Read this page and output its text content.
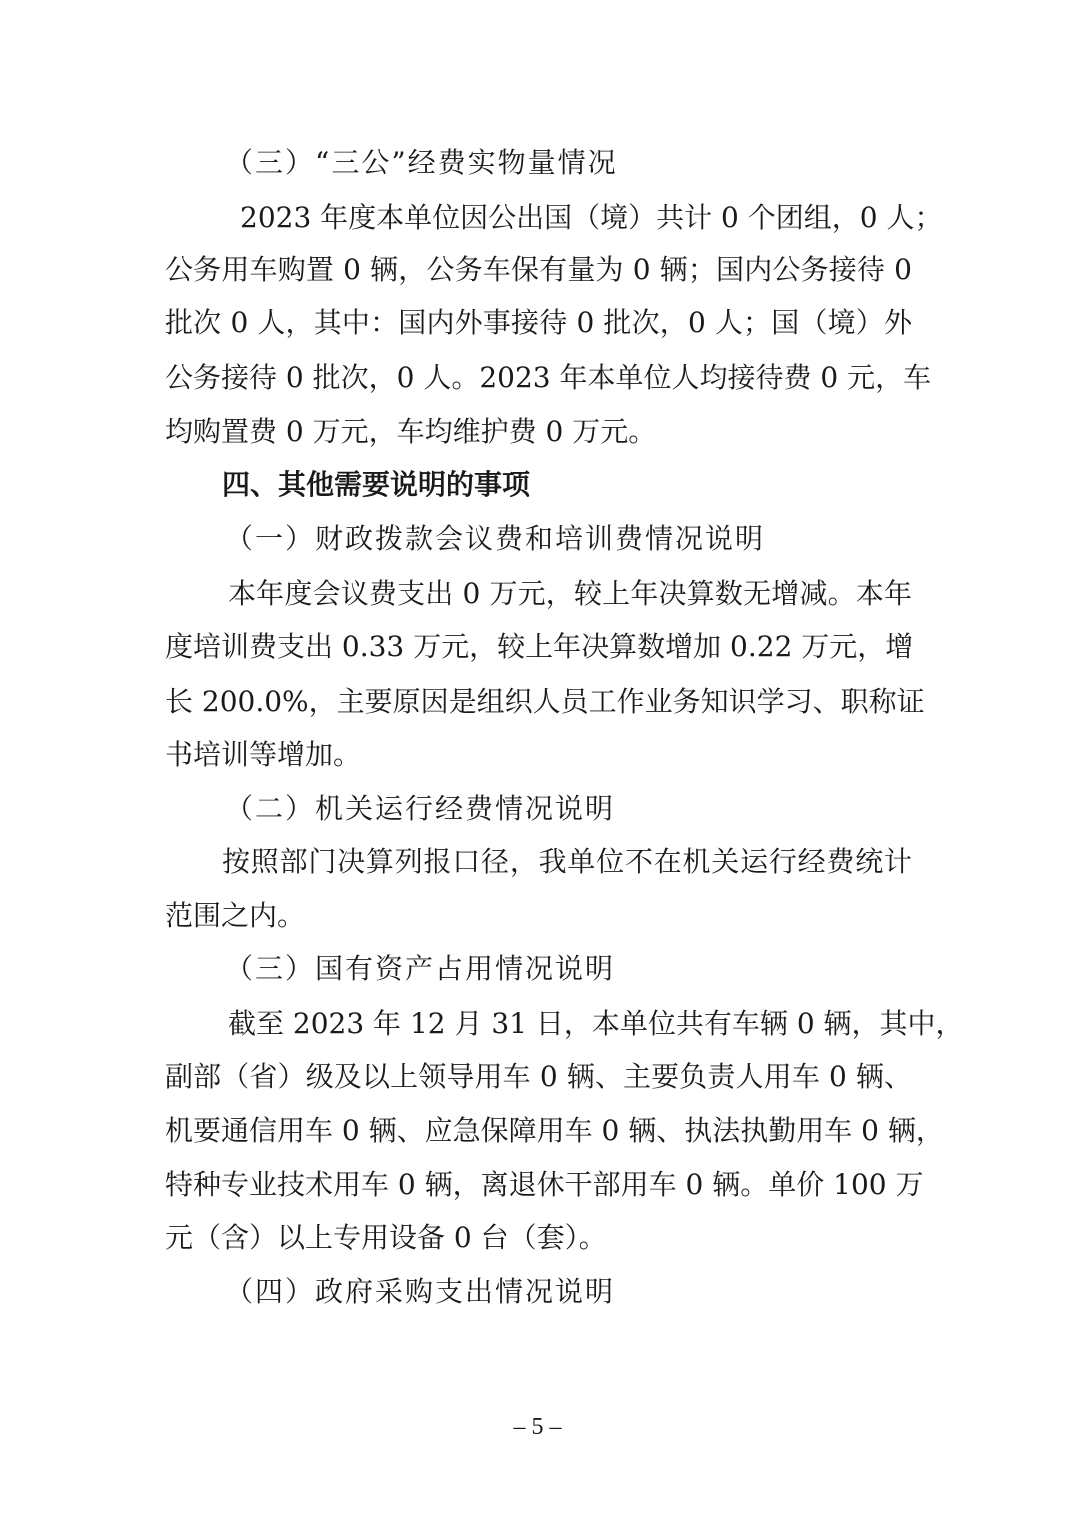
（三）“三公”经费实物量情况
2023 年度本单位因公出国（境）共计 0 个团组，0 人；
公务用车购置 0 辆，公务车保有量为 0 辆；国内公务接待 0
批次 0 人，其中：国内外事接待 0 批次，0 人；国（境）外
公务接待 0 批次，0 人。2023 年本单位人均接待费 0 元，车
均购置费 0 万元，车均维护费 0 万元。
四、其他需要说明的事项
（一）财政拨款会议费和培训费情况说明
本年度会议费支出 0 万元，较上年决算数无增减。本年
度培训费支出 0.33 万元，较上年决算数增加 0.22 万元，增
长 200.0%，主要原因是组织人员工作业务知识学习、职称证
书培训等增加。
（二）机关运行经费情况说明
按照部门决算列报口径，我单位不在机关运行经费统计
范围之内。
（三）国有资产占用情况说明
截至 2023 年 12 月 31 日，本单位共有车辆 0 辆，其中，
副部（省）级及以上领导用车 0 辆、主要负责人用车 0 辆、
机要通信用车 0 辆、应急保障用车 0 辆、执法执勤用车 0 辆，
特种专业技术用车 0 辆，离退休干部用车 0 辆。单价 100 万
元（含）以上专用设备 0 台（套）。
（四）政府采购支出情况说明
– 5 –
